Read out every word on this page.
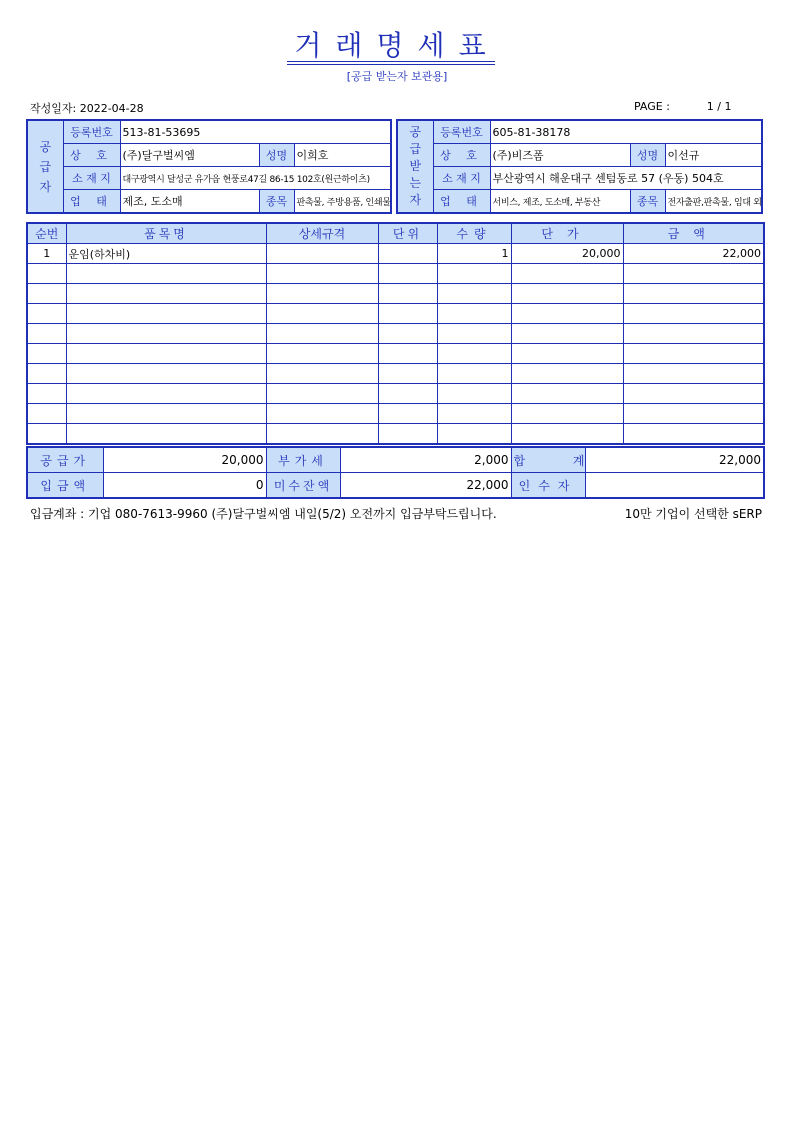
거래명세표
[공급 받는자 보관용]
작성일자: 2022-04-28	PAGE :	1 / 1
공
급
자	등록번호	513-81-53695		
	상 호	(주)달구벌씨엠	성명	이희호
	소 재 지	대구광역시 달성군 유가읍 현풍로47길 86-15 102호(원근하이츠)		
	업 태	제조, 도소매	종목	판촉물, 주방용품, 인쇄물
공
급
받
는
자	등록번호	605-81-38178		
	상 호	(주)비즈폼	성명	이선규
	소 재 지	부산광역시 해운대구 센텀동로 57 (우동) 504호		
	업 태	서비스, 제조, 도소매, 부동산	종목	전자출판,판촉물, 임대 외
순번	품목명	상세규격	단위	수량	단가	금액
1	운임(하차비)			1	20,000	22,000

공급가	20,000	부가세	2,000	합 계	22,000
입금액	0	미수잔액	22,000	인수자	
입금계좌 : 기업 080-7613-9960 (주)달구벌씨엠 내일(5/2) 오전까지 입금부탁드립니다.	10만 기업이 선택한 sERP
